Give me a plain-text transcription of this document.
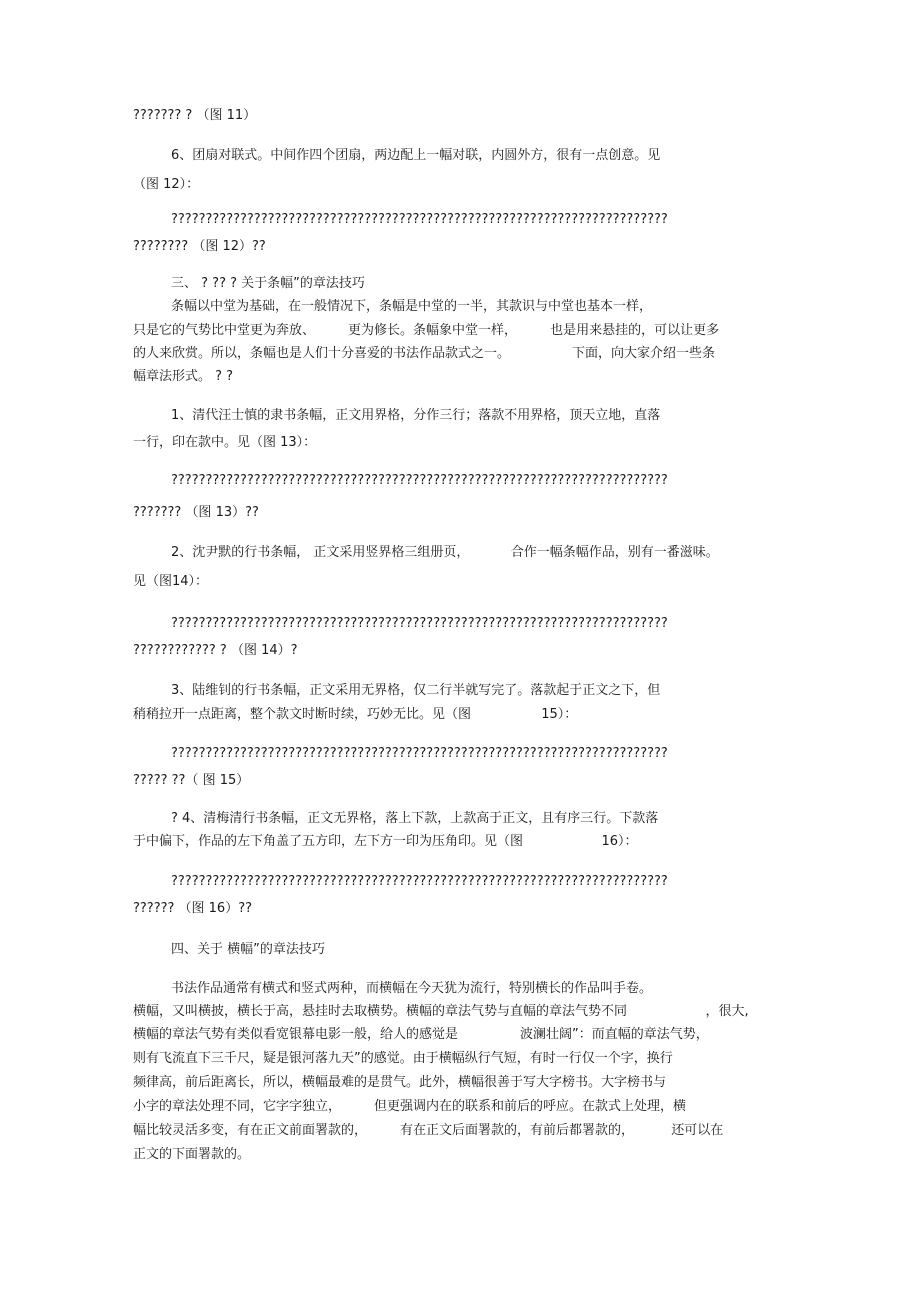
??????? ? （图 11）
6、团扇对联式。中间作四个团扇，两边配上一幅对联，内圆外方，很有一点创意。见
（图 12）：
????????????????????????????????????????????????????????????????????????
???????? （图 12）??
三、 ? ?? ? 关于条幅”的章法技巧
条幅以中堂为基础，在一般情况下，条幅是中堂的一半，其款识与中堂也基本一样，
只是它的气势比中堂更为奔放、        更为修长。条幅象中堂一样，        也是用来悬挂的，可以让更多
的人来欣赏。所以，条幅也是人们十分喜爱的书法作品款式之一。               下面，向大家介绍一些条
幅章法形式。 ? ?
1、清代汪士慎的隶书条幅，正文用界格，分作三行；落款不用界格，顶天立地，直落
一行，印在款中。见（图 13）：
????????????????????????????????????????????????????????????????????????
??????? （图 13）??
2、沈尹默的行书条幅， 正文采用竖界格三组册页，          合作一幅条幅作品，别有一番滋味。
见（图14）：
????????????????????????????????????????????????????????????????????????
???????????? ? （图 14）?
3、陆维钊的行书条幅，正文采用无界格，仅二行半就写完了。落款起于正文之下，但
稍稍拉开一点距离，整个款文时断时续，巧妙无比。见（图                 15）：
????????????????????????????????????????????????????????????????????????
????? ??（ 图 15）
? 4、清梅清行书条幅，正文无界格，落上下款，上款高于正文，且有序三行。下款落
于中偏下，作品的左下角盖了五方印，左下方一印为压角印。见（图                   16）：
????????????????????????????????????????????????????????????????????????
?????? （图 16）??
四、关于 横幅”的章法技巧
书法作品通常有横式和竖式两种，而横幅在今天犹为流行，特别横长的作品叫手卷。
横幅，又叫横披，横长于高，悬挂时去取横势。横幅的章法气势与直幅的章法气势不同                   ，很大,
横幅的章法气势有类似看宽银幕电影一般，给人的感觉是               波澜壮阔”：而直幅的章法气势，
则有飞流直下三千尺，疑是银河落九天”的感觉。由于横幅纵行气短，有时一行仅一个字，换行
频律高，前后距离长，所以，横幅最难的是贯气。此外，横幅很善于写大字榜书。大字榜书与
小字的章法处理不同，它字字独立，        但更强调内在的联系和前后的呼应。在款式上处理，横
幅比较灵活多变，有在正文前面署款的，        有在正文后面署款的，有前后都署款的，         还可以在
正文的下面署款的。
